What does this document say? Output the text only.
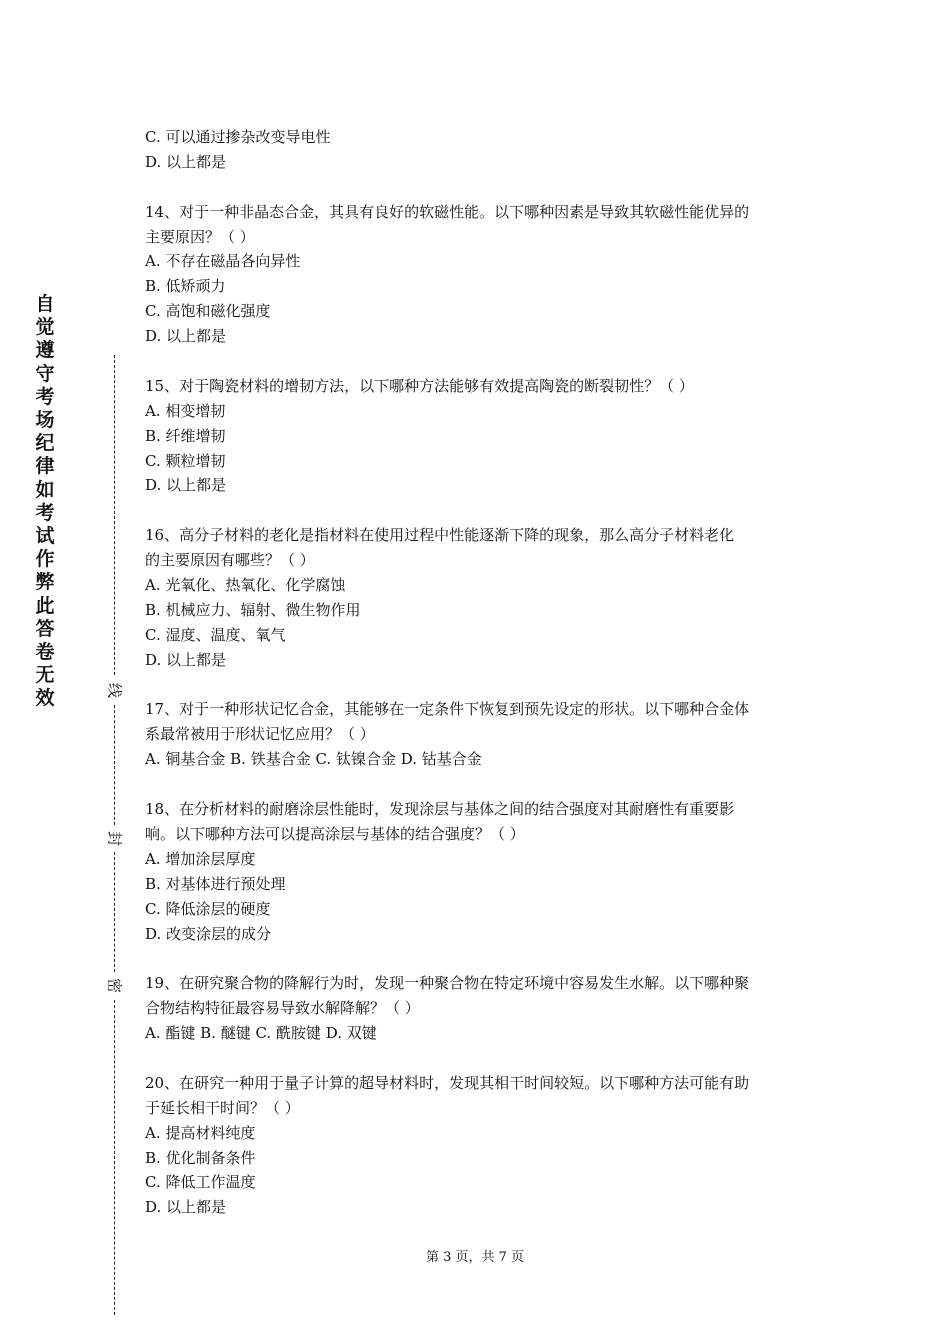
自觉遵守考场纪律如考试作弊此答卷无效	线
封
密
C. 可以通过掺杂改变导电性
D. 以上都是
14、对于一种非晶态合金，其具有良好的软磁性能。以下哪种因素是导致其软磁性能优异的
主要原因？（ ）
A. 不存在磁晶各向异性
B. 低矫顽力
C. 高饱和磁化强度
D. 以上都是
15、对于陶瓷材料的增韧方法，以下哪种方法能够有效提高陶瓷的断裂韧性？（ ）
A. 相变增韧
B. 纤维增韧
C. 颗粒增韧
D. 以上都是
16、高分子材料的老化是指材料在使用过程中性能逐渐下降的现象，那么高分子材料老化
的主要原因有哪些？（ ）
A. 光氧化、热氧化、化学腐蚀
B. 机械应力、辐射、微生物作用
C. 湿度、温度、氧气
D. 以上都是
17、对于一种形状记忆合金，其能够在一定条件下恢复到预先设定的形状。以下哪种合金体
系最常被用于形状记忆应用？（ ）
A. 铜基合金 B. 铁基合金 C. 钛镍合金 D. 钴基合金
18、在分析材料的耐磨涂层性能时，发现涂层与基体之间的结合强度对其耐磨性有重要影
响。以下哪种方法可以提高涂层与基体的结合强度？（ ）
A. 增加涂层厚度
B. 对基体进行预处理
C. 降低涂层的硬度
D. 改变涂层的成分
19、在研究聚合物的降解行为时，发现一种聚合物在特定环境中容易发生水解。以下哪种聚
合物结构特征最容易导致水解降解？（ ）
A. 酯键 B. 醚键 C. 酰胺键 D. 双键
20、在研究一种用于量子计算的超导材料时，发现其相干时间较短。以下哪种方法可能有助
于延长相干时间？（ ）
A. 提高材料纯度
B. 优化制备条件
C. 降低工作温度
D. 以上都是
第 3 页，共 7 页
